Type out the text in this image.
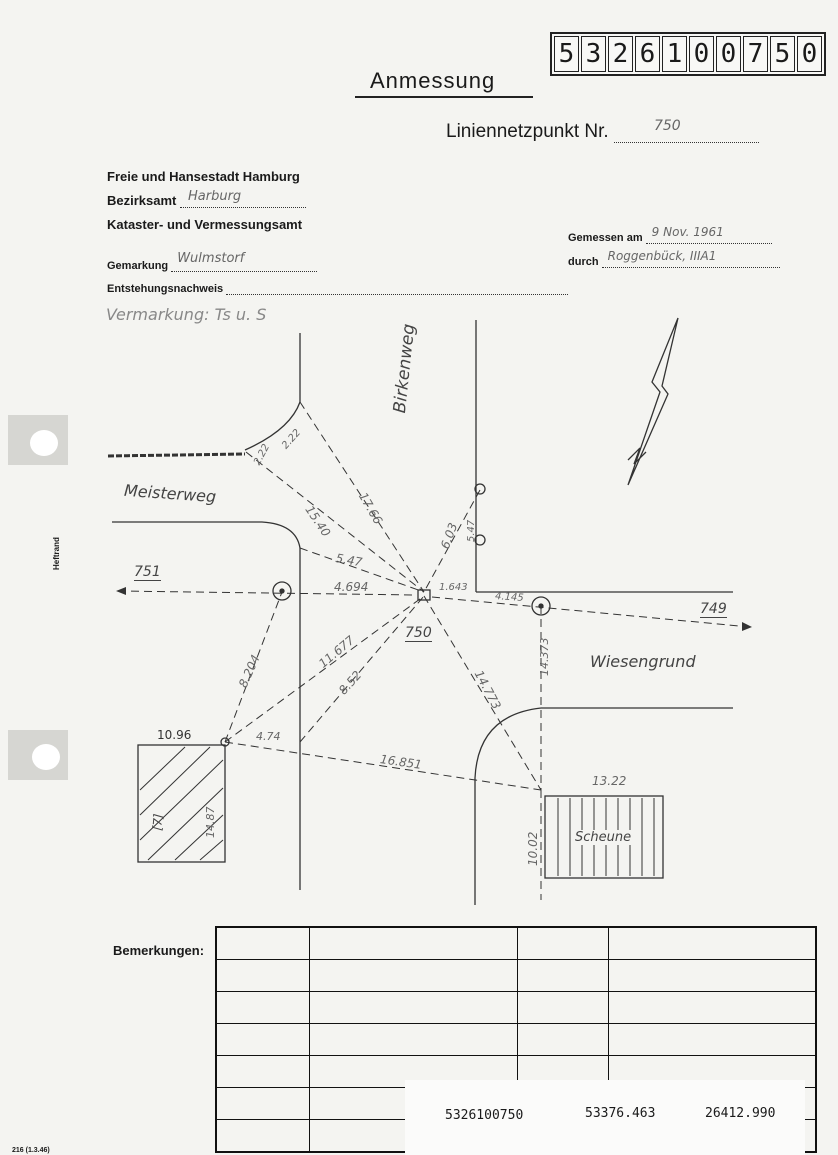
5 3 2 6 1 0 0 7 5 0
Anmessung
Liniennetzpunkt Nr.	750
Freie und Hansestadt Hamburg
Bezirksamt Harburg
Kataster- und Vermessungsamt
Gemessen am 9 Nov. 1961
durch Roggenbück, IIIA1
Gemarkung Wulmstorf
Entstehungsnachweis
Vermarkung: Ts u. S
Heftrand
Birkenweg
Meisterweg
Wiesengrund
751
750
749
Scheune
[7]
2.22
2.22
15.40 17.66
6.03 5.47
5.47
4.694	1.643
4.145
8.204
11.677
8.52	14.773
14.373
10.96	4.74
14.87
16.851
13.22
10.02
Bemerkungen:

5326100750	53376.463	26412.990
216 (1.3.46)
